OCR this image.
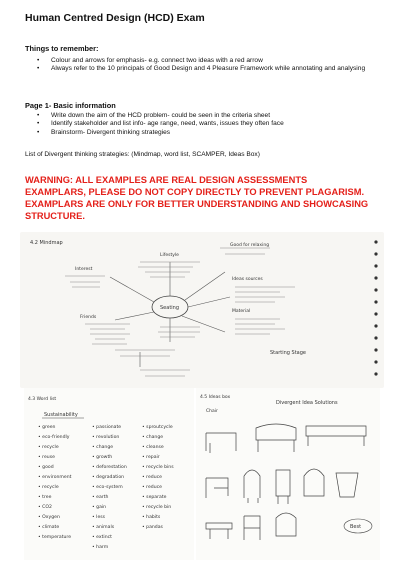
Human Centred Design (HCD) Exam
Things to remember:
• Colour and arrows for emphasis- e.g. connect two ideas with a red arrow
• Always refer to the 10 principals of Good Design and 4 Pleasure Framework while annotating and analysing
Page 1- Basic information
• Write down the aim of the HCD problem- could be seen in the criteria sheet
• Identify stakeholder and list info- age range, need, wants, issues they often face
• Brainstorm- Divergent thinking strategies
List of Divergent thinking strategies: (Mindmap, word list, SCAMPER, Ideas Box)
WARNING: ALL EXAMPLES ARE REAL DESIGN ASSESSMENTS EXAMPLARS, PLEASE DO NOT COPY DIRECTLY TO PREVENT PLAGARISM. EXAMPLARS ARE ONLY FOR BETTER UNDERSTANDING AND SHOWCASING STRUCTURE.
4.2 Mindmap
Seating
Good for relaxing
Lifestyle
Interest
Ideas sources
Material
Friends
Starting Stage
4.3 Word list
Sustainability
• green
• eco-friendly
• recycle
• reuse
• good
• environment
• recycle
• tree
• CO2
• Oxygen
• climate
• temperature
• passionate
• revolution
• change
• growth
• deforestation
• degradation
• eco-system
• earth
• gain
• less
• animals
• extinct
• harm
• sproutcycle
• change
• cleanse
• repair
• recycle bins
• reduce
• reduce
• separate
• recycle bin
• habits
• pandas
4.5 Ideas box
Chair
Divergent Idea Solutions
Best
